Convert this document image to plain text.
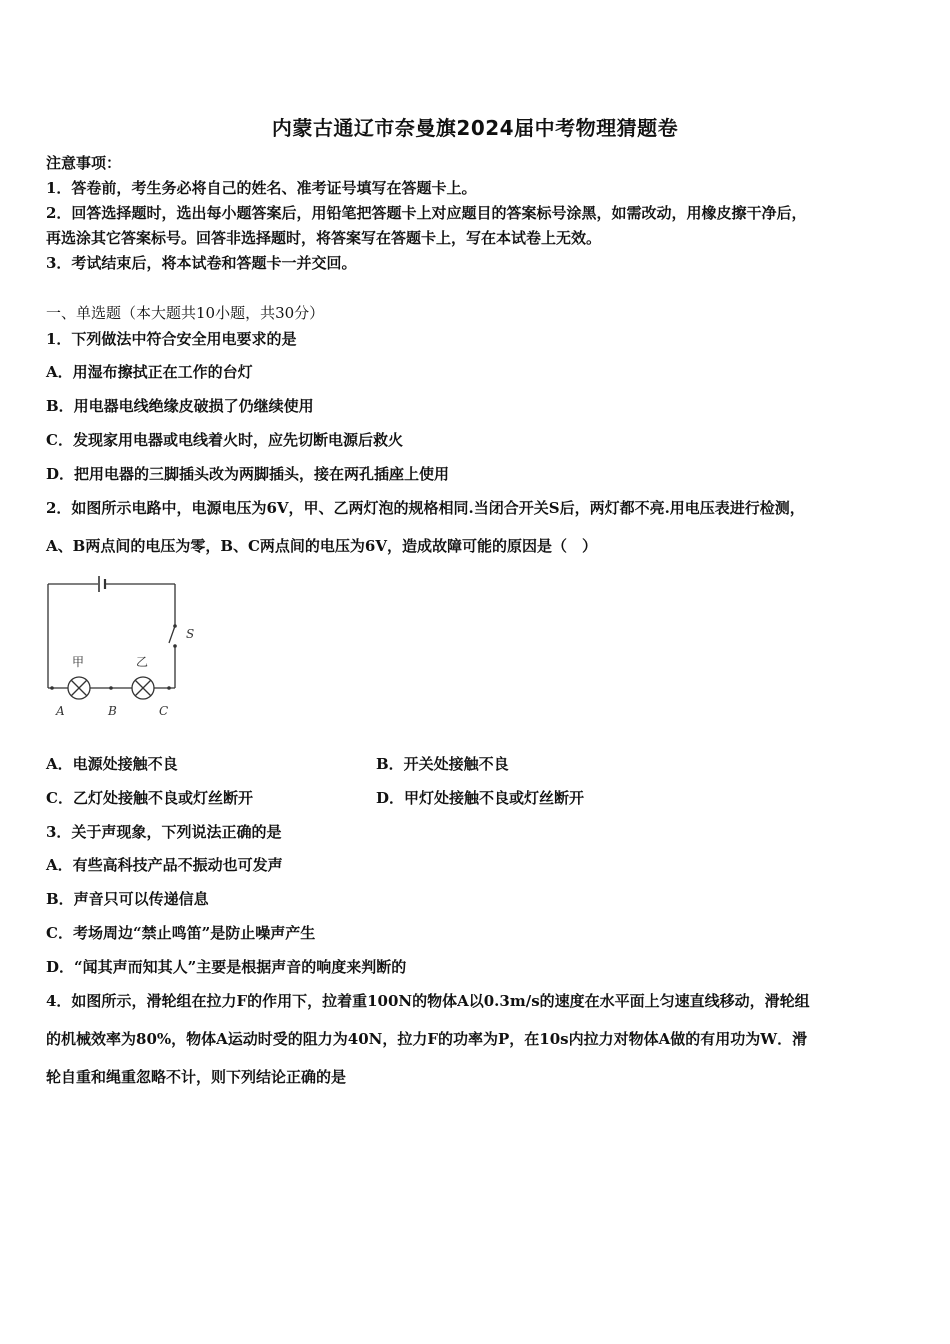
内蒙古通辽市奈曼旗2024届中考物理猜题卷
注意事项：
1．答卷前，考生务必将自己的姓名、准考证号填写在答题卡上。
2．回答选择题时，选出每小题答案后，用铅笔把答题卡上对应题目的答案标号涂黑，如需改动，用橡皮擦干净后，
再选涂其它答案标号。回答非选择题时，将答案写在答题卡上，写在本试卷上无效。
3．考试结束后，将本试卷和答题卡一并交回。
一、单选题（本大题共10小题，共30分）
1．下列做法中符合安全用电要求的是
A．用湿布擦拭正在工作的台灯
B．用电器电线绝缘皮破损了仍继续使用
C．发现家用电器或电线着火时，应先切断电源后救火
D．把用电器的三脚插头改为两脚插头，接在两孔插座上使用
2．如图所示电路中，电源电压为6V，甲、乙两灯泡的规格相同.当闭合开关S后，两灯都不亮.用电压表进行检测，
A、B两点间的电压为零，B、C两点间的电压为6V，造成故障可能的原因是（　）
S
甲	乙
A	B	C
A．电源处接触不良	B．开关处接触不良
C．乙灯处接触不良或灯丝断开	D．甲灯处接触不良或灯丝断开
3．关于声现象，下列说法正确的是
A．有些高科技产品不振动也可发声
B．声音只可以传递信息
C．考场周边“禁止鸣笛”是防止噪声产生
D．“闻其声而知其人”主要是根据声音的响度来判断的
4．如图所示，滑轮组在拉力F的作用下，拉着重100N的物体A以0.3m/s的速度在水平面上匀速直线移动，滑轮组
的机械效率为80%，物体A运动时受的阻力为40N，拉力F的功率为P，在10s内拉力对物体A做的有用功为W．滑
轮自重和绳重忽略不计，则下列结论正确的是
